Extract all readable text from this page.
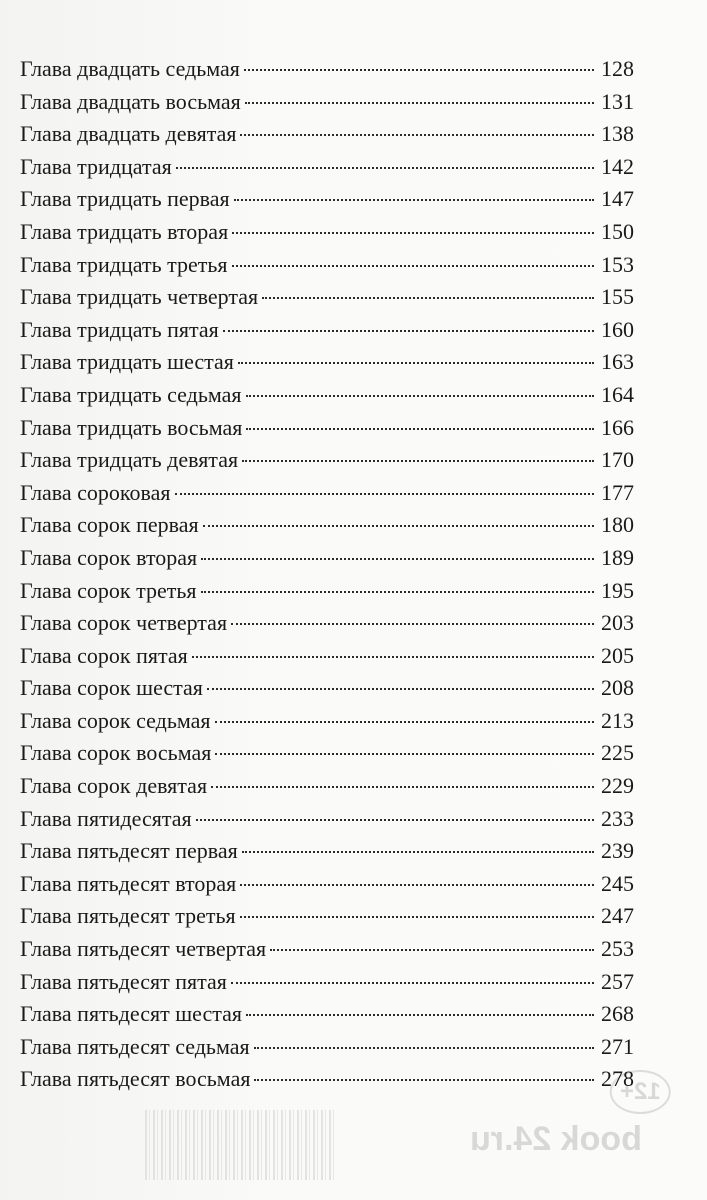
book 24.ru
12+
Глава двадцать седьмая	128
Глава двадцать восьмая	131
Глава двадцать девятая	138
Глава тридцатая	142
Глава тридцать первая	147
Глава тридцать вторая	150
Глава тридцать третья	153
Глава тридцать четвертая	155
Глава тридцать пятая	160
Глава тридцать шестая	163
Глава тридцать седьмая	164
Глава тридцать восьмая	166
Глава тридцать девятая	170
Глава сороковая	177
Глава сорок первая	180
Глава сорок вторая	189
Глава сорок третья	195
Глава сорок четвертая	203
Глава сорок пятая	205
Глава сорок шестая	208
Глава сорок седьмая	213
Глава сорок восьмая	225
Глава сорок девятая	229
Глава пятидесятая	233
Глава пятьдесят первая	239
Глава пятьдесят вторая	245
Глава пятьдесят третья	247
Глава пятьдесят четвертая	253
Глава пятьдесят пятая	257
Глава пятьдесят шестая	268
Глава пятьдесят седьмая	271
Глава пятьдесят восьмая	278
